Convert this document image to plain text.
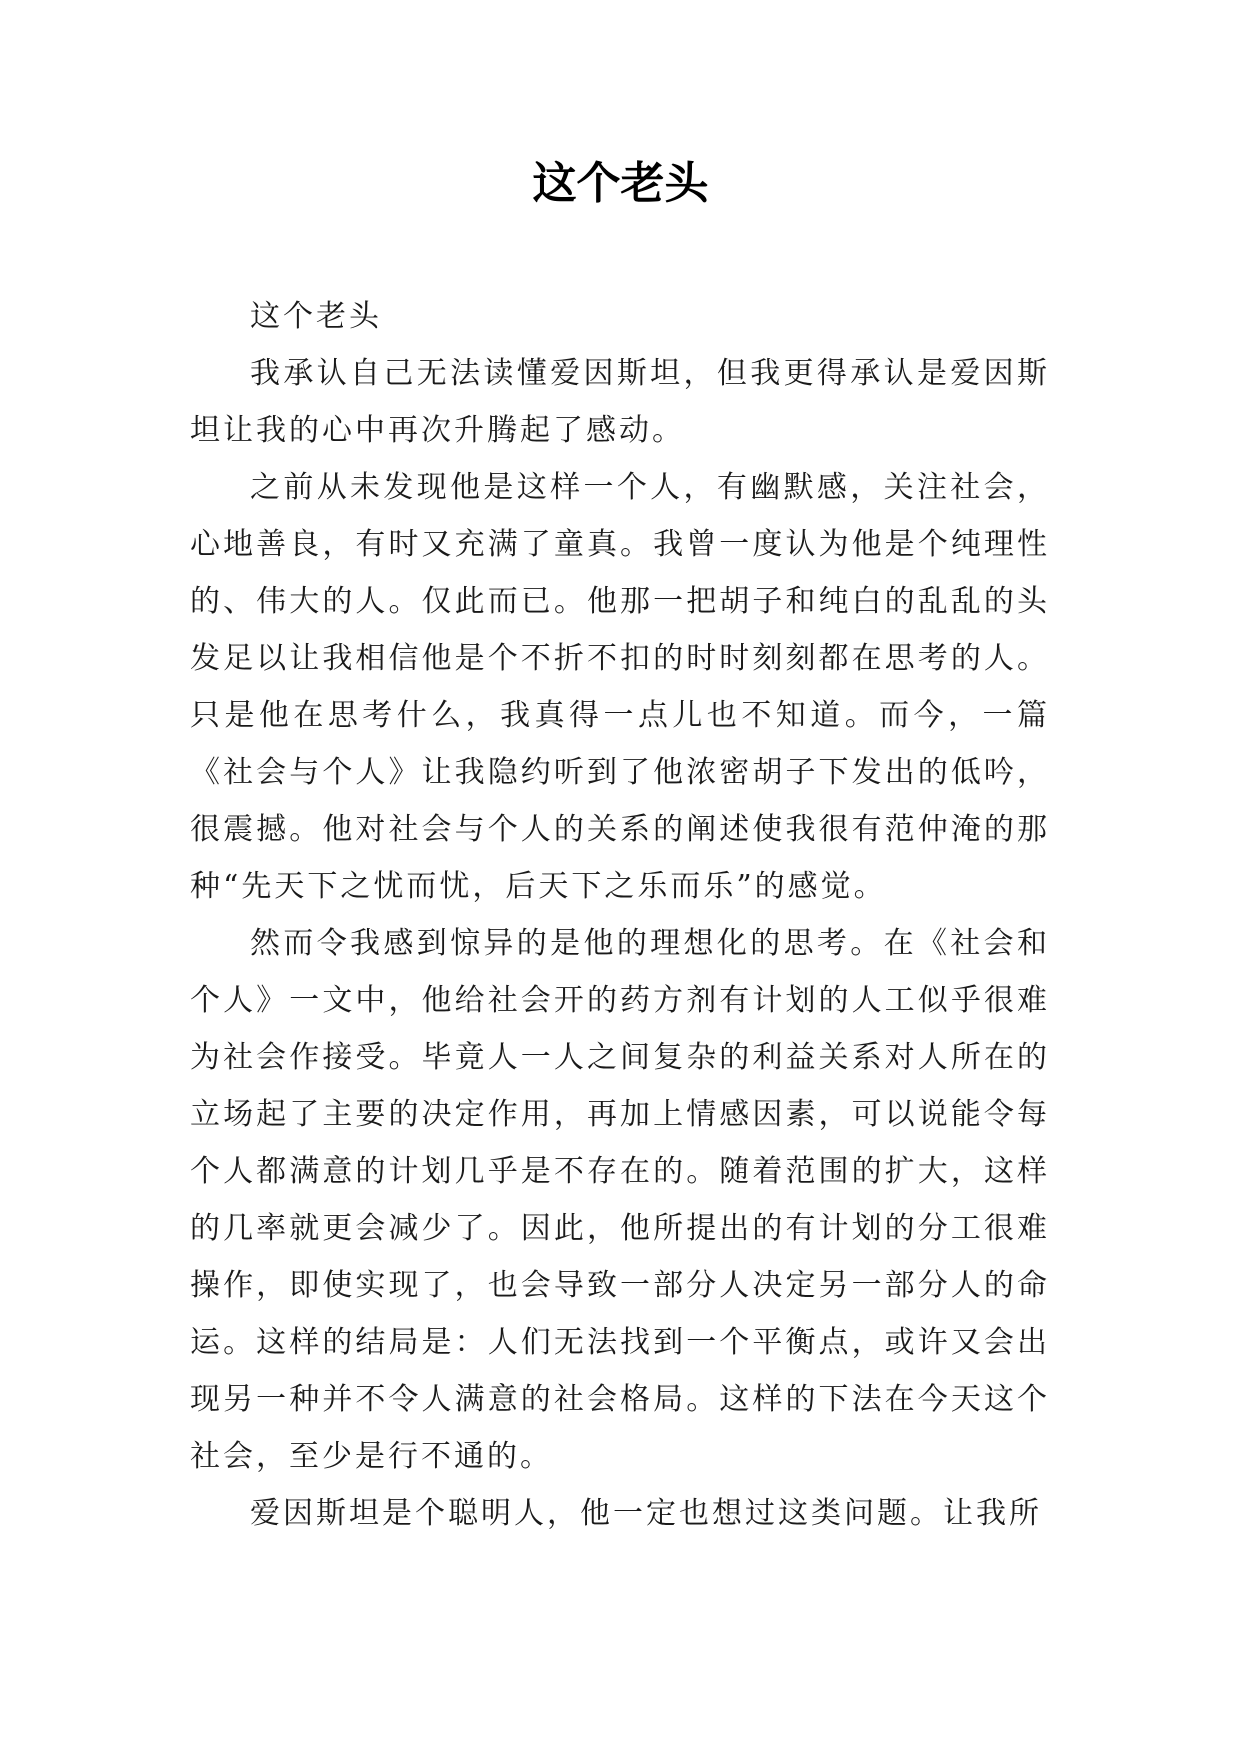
这个老头

这个老头

我承认自己无法读懂爱因斯坦，但我更得承认是爱因斯坦让我的心中再次升腾起了感动。

之前从未发现他是这样一个人，有幽默感，关注社会，心地善良，有时又充满了童真。我曾一度认为他是个纯理性的、伟大的人。仅此而已。他那一把胡子和纯白的乱乱的头发足以让我相信他是个不折不扣的时时刻刻都在思考的人。只是他在思考什么，我真得一点儿也不知道。而今，一篇《社会与个人》让我隐约听到了他浓密胡子下发出的低吟，很震撼。他对社会与个人的关系的阐述使我很有范仲淹的那种“先天下之忧而忧，后天下之乐而乐”的感觉。

然而令我感到惊异的是他的理想化的思考。在《社会和个人》一文中，他给社会开的药方剂有计划的人工似乎很难为社会作接受。毕竟人一人之间复杂的利益关系对人所在的立场起了主要的决定作用，再加上情感因素，可以说能令每个人都满意的计划几乎是不存在的。随着范围的扩大，这样的几率就更会减少了。因此，他所提出的有计划的分工很难操作，即使实现了，也会导致一部分人决定另一部分人的命运。这样的结局是：人们无法找到一个平衡点，或许又会出现另一种并不令人满意的社会格局。这样的下法在今天这个社会，至少是行不通的。

爱因斯坦是个聪明人，他一定也想过这类问题。让我所
